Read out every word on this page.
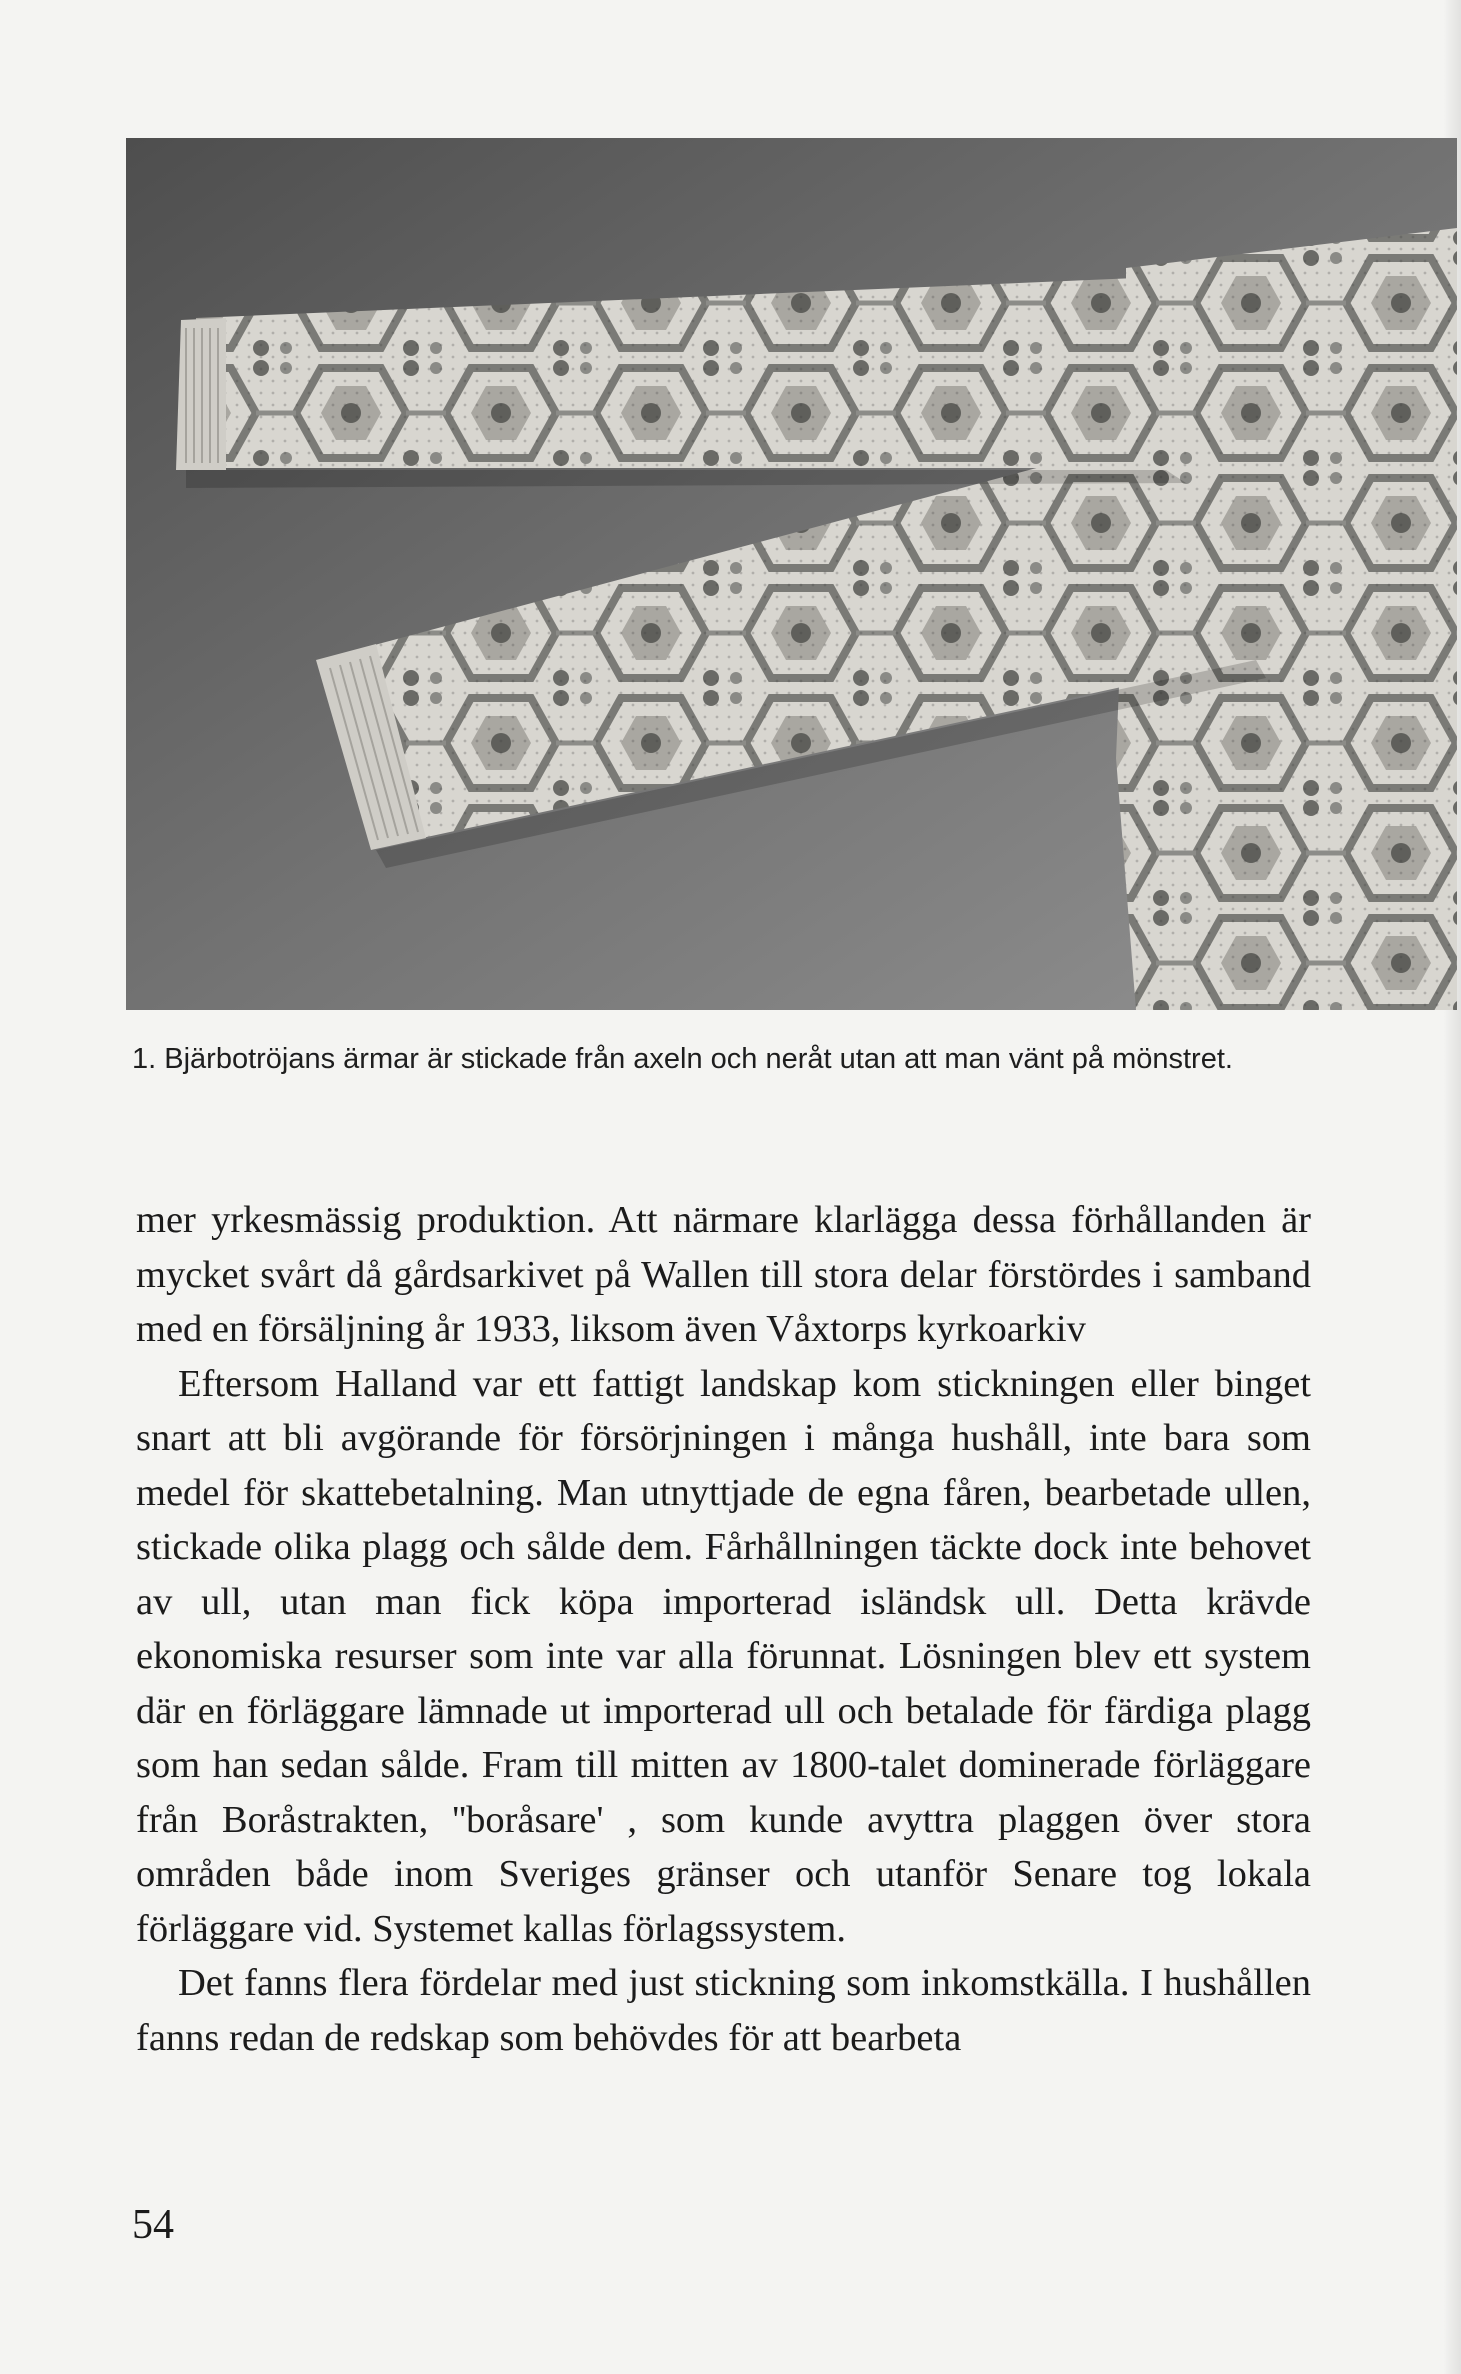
1. Bjärbotröjans ärmar är stickade från axeln och neråt utan att man vänt på mönstret.

mer yrkesmässig produktion. Att närmare klarlägga dessa förhållanden är mycket svårt då gårdsarkivet på Wallen till stora delar förstördes i samband med en försäljning år 1933, liksom även Våxtorps kyrkoarkiv

Eftersom Halland var ett fattigt landskap kom stickningen eller binget snart att bli avgörande för försörjningen i många hushåll, inte bara som medel för skattebetalning. Man utnyttjade de egna fåren, bearbetade ullen, stickade olika plagg och sålde dem. Fårhållningen täckte dock inte behovet av ull, utan man fick köpa importerad isländsk ull. Detta krävde ekonomiska resurser som inte var alla förunnat. Lösningen blev ett system där en förläggare lämnade ut importerad ull och betalade för färdiga plagg som han sedan sålde. Fram till mitten av 1800-talet dominerade förläggare från Boråstrakten, ''boråsare' , som kunde avyttra plaggen över stora områden både inom Sveriges gränser och utanför Senare tog lokala förläggare vid. Systemet kallas förlagssystem.

Det fanns flera fördelar med just stickning som inkomstkälla. I hushållen fanns redan de redskap som behövdes för att bearbeta

54
